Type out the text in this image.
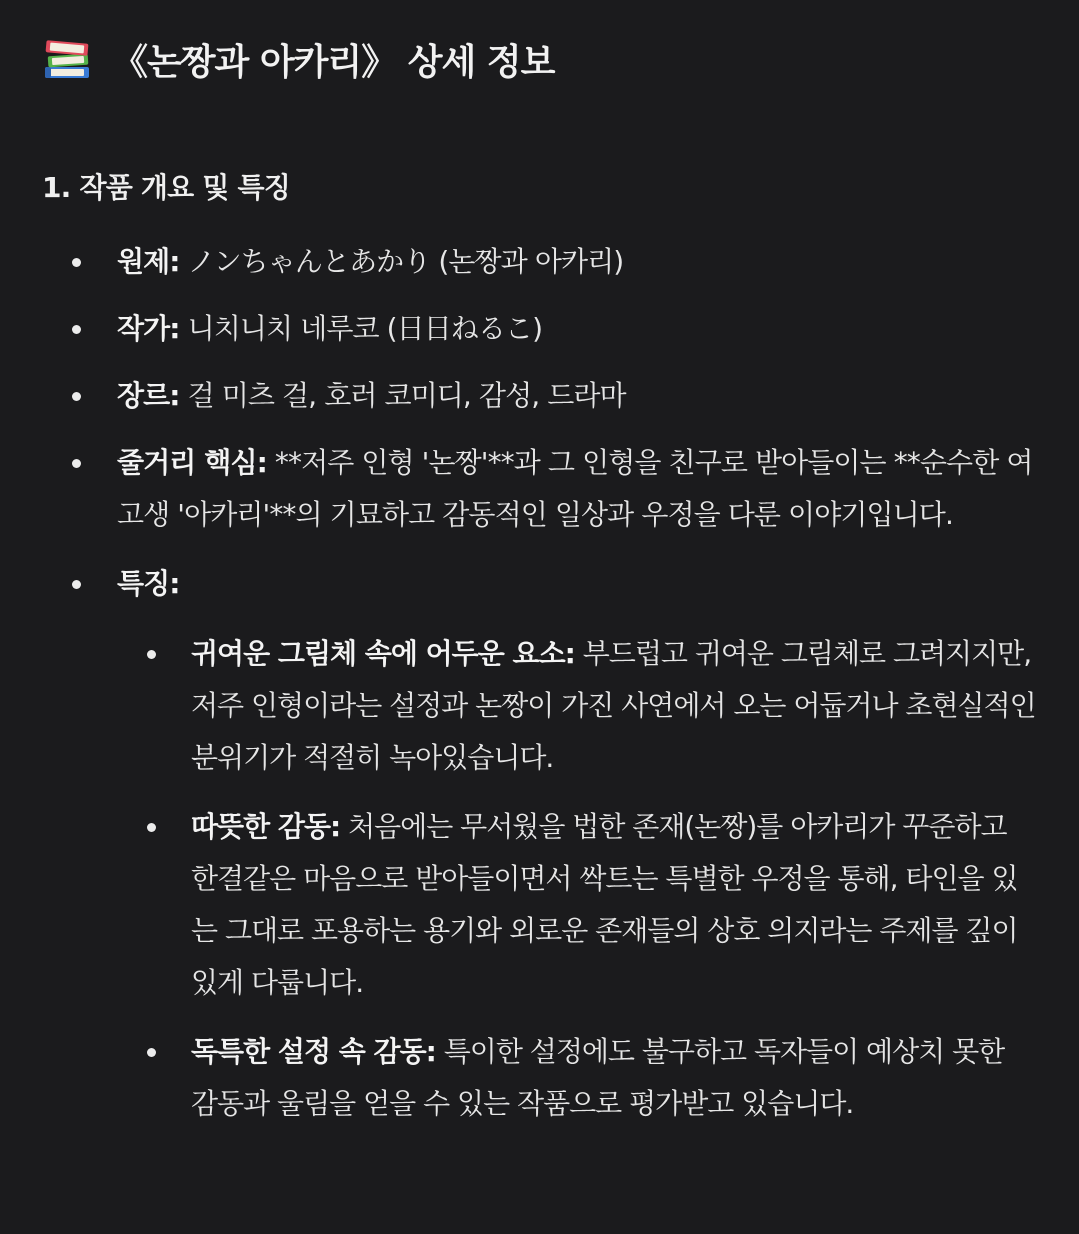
《논짱과 아카리》 상세 정보
1. 작품 개요 및 특징
원제: ノンちゃんとあかり (논짱과 아카리)
작가: 니치니치 네루코 (日日ねるこ)
장르: 걸 미츠 걸, 호러 코미디, 감성, 드라마
줄거리 핵심: **저주 인형 '논짱'**과 그 인형을 친구로 받아들이는 **순수한 여고생 '아카리'**의 기묘하고 감동적인 일상과 우정을 다룬 이야기입니다.
특징:
귀여운 그림체 속에 어두운 요소: 부드럽고 귀여운 그림체로 그려지지만, 저주 인형이라는 설정과 논짱이 가진 사연에서 오는 어둡거나 초현실적인 분위기가 적절히 녹아있습니다.
따뜻한 감동: 처음에는 무서웠을 법한 존재(논짱)를 아카리가 꾸준하고 한결같은 마음으로 받아들이면서 싹트는 특별한 우정을 통해, 타인을 있는 그대로 포용하는 용기와 외로운 존재들의 상호 의지라는 주제를 깊이 있게 다룹니다.
독특한 설정 속 감동: 특이한 설정에도 불구하고 독자들이 예상치 못한 감동과 울림을 얻을 수 있는 작품으로 평가받고 있습니다.
